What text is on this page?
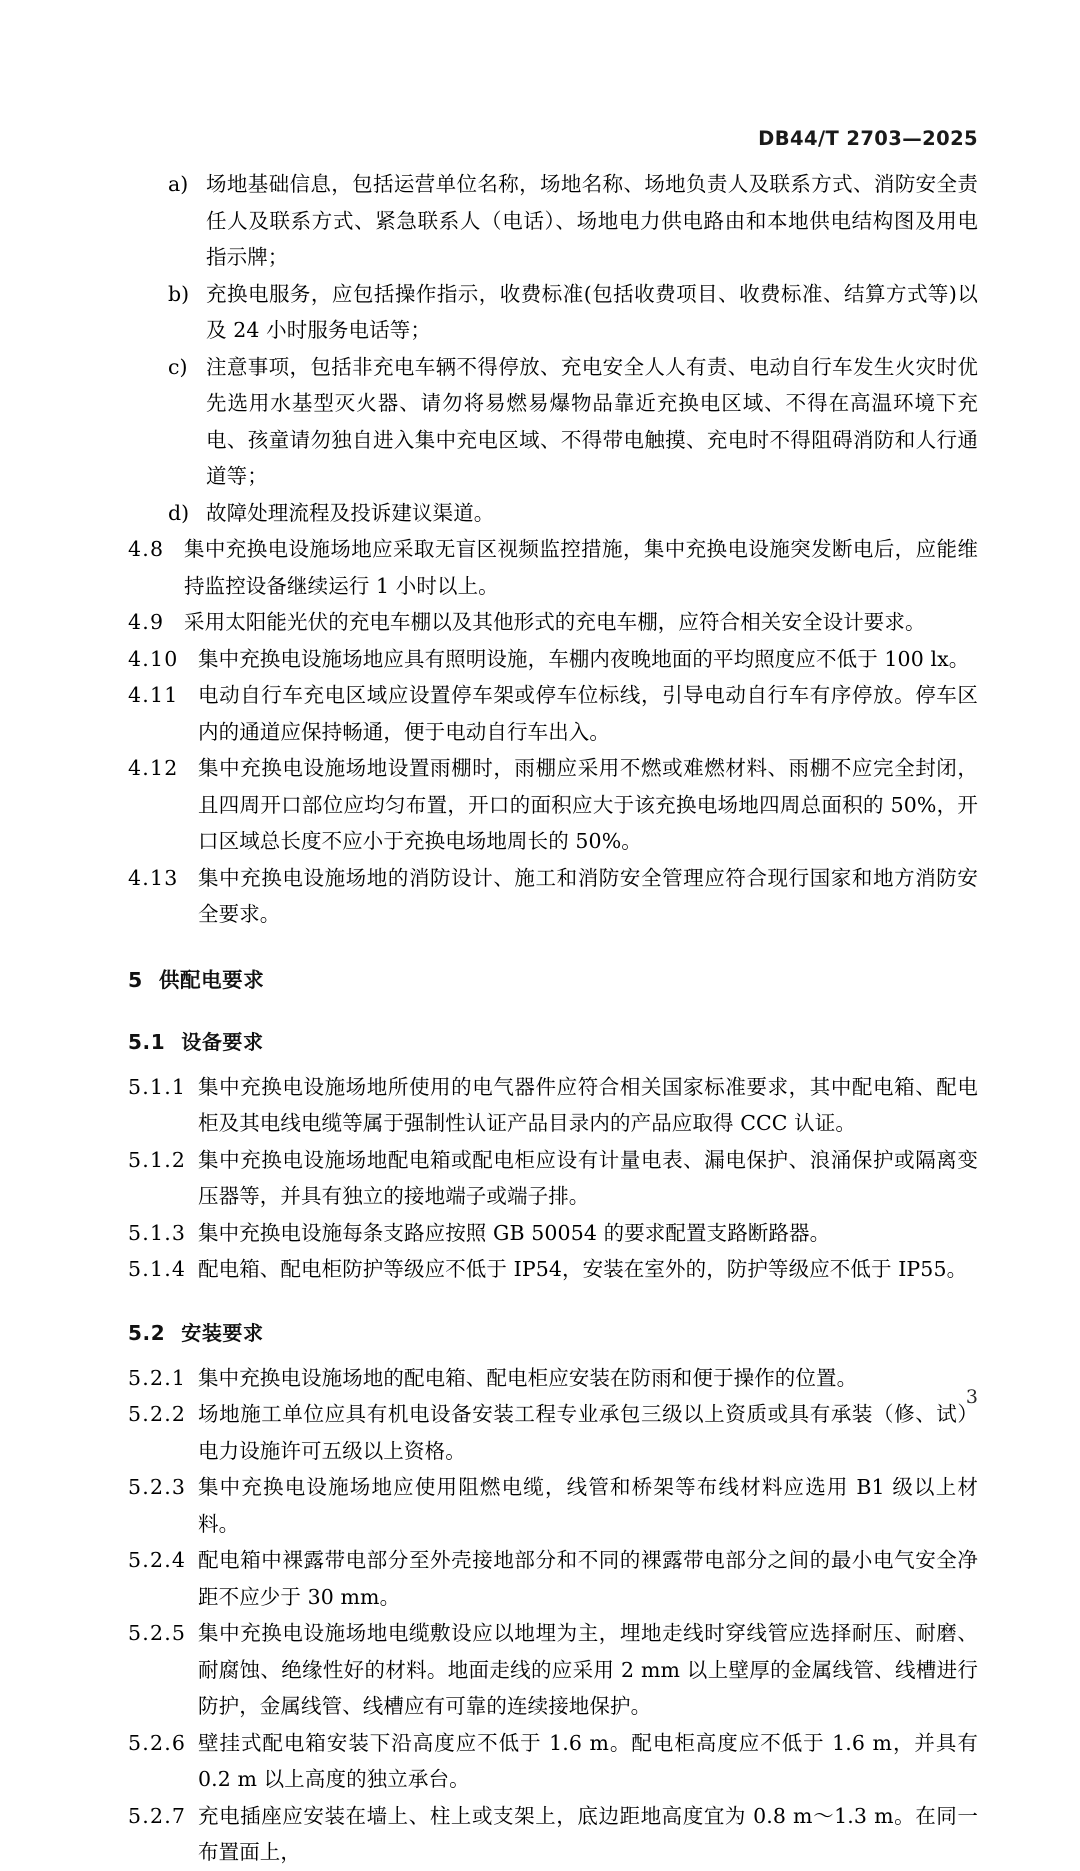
DB44/T 2703—2025
a) 场地基础信息，包括运营单位名称，场地名称、场地负责人及联系方式、消防安全责任人及联系方式、紧急联系人（电话）、场地电力供电路由和本地供电结构图及用电指示牌；
b) 充换电服务，应包括操作指示，收费标准(包括收费项目、收费标准、结算方式等)以及 24 小时服务电话等；
c) 注意事项，包括非充电车辆不得停放、充电安全人人有责、电动自行车发生火灾时优先选用水基型灭火器、请勿将易燃易爆物品靠近充换电区域、不得在高温环境下充电、孩童请勿独自进入集中充电区域、不得带电触摸、充电时不得阻碍消防和人行通道等；
d) 故障处理流程及投诉建议渠道。
4.8 集中充换电设施场地应采取无盲区视频监控措施，集中充换电设施突发断电后，应能维持监控设备继续运行 1 小时以上。
4.9 采用太阳能光伏的充电车棚以及其他形式的充电车棚，应符合相关安全设计要求。
4.10 集中充换电设施场地应具有照明设施，车棚内夜晚地面的平均照度应不低于 100 lx。
4.11 电动自行车充电区域应设置停车架或停车位标线，引导电动自行车有序停放。停车区内的通道应保持畅通，便于电动自行车出入。
4.12 集中充换电设施场地设置雨棚时，雨棚应采用不燃或难燃材料、雨棚不应完全封闭，且四周开口部位应均匀布置，开口的面积应大于该充换电场地四周总面积的 50%，开口区域总长度不应小于充换电场地周长的 50%。
4.13 集中充换电设施场地的消防设计、施工和消防安全管理应符合现行国家和地方消防安全要求。
5 供配电要求
5.1 设备要求
5.1.1 集中充换电设施场地所使用的电气器件应符合相关国家标准要求，其中配电箱、配电柜及其电线电缆等属于强制性认证产品目录内的产品应取得 CCC 认证。
5.1.2 集中充换电设施场地配电箱或配电柜应设有计量电表、漏电保护、浪涌保护或隔离变压器等，并具有独立的接地端子或端子排。
5.1.3 集中充换电设施每条支路应按照 GB 50054 的要求配置支路断路器。
5.1.4 配电箱、配电柜防护等级应不低于 IP54，安装在室外的，防护等级应不低于 IP55。
5.2 安装要求
5.2.1 集中充换电设施场地的配电箱、配电柜应安装在防雨和便于操作的位置。
5.2.2 场地施工单位应具有机电设备安装工程专业承包三级以上资质或具有承装（修、试）电力设施许可五级以上资格。
5.2.3 集中充换电设施场地应使用阻燃电缆，线管和桥架等布线材料应选用 B1 级以上材料。
5.2.4 配电箱中裸露带电部分至外壳接地部分和不同的裸露带电部分之间的最小电气安全净距不应少于 30 mm。
5.2.5 集中充换电设施场地电缆敷设应以地埋为主，埋地走线时穿线管应选择耐压、耐磨、耐腐蚀、绝缘性好的材料。地面走线的应采用 2 mm 以上壁厚的金属线管、线槽进行防护，金属线管、线槽应有可靠的连续接地保护。
5.2.6 壁挂式配电箱安装下沿高度应不低于 1.6 m。配电柜高度应不低于 1.6 m，并具有 0.2 m 以上高度的独立承台。
5.2.7 充电插座应安装在墙上、柱上或支架上，底边距地高度宜为 0.8 m～1.3 m。在同一布置面上，
3
